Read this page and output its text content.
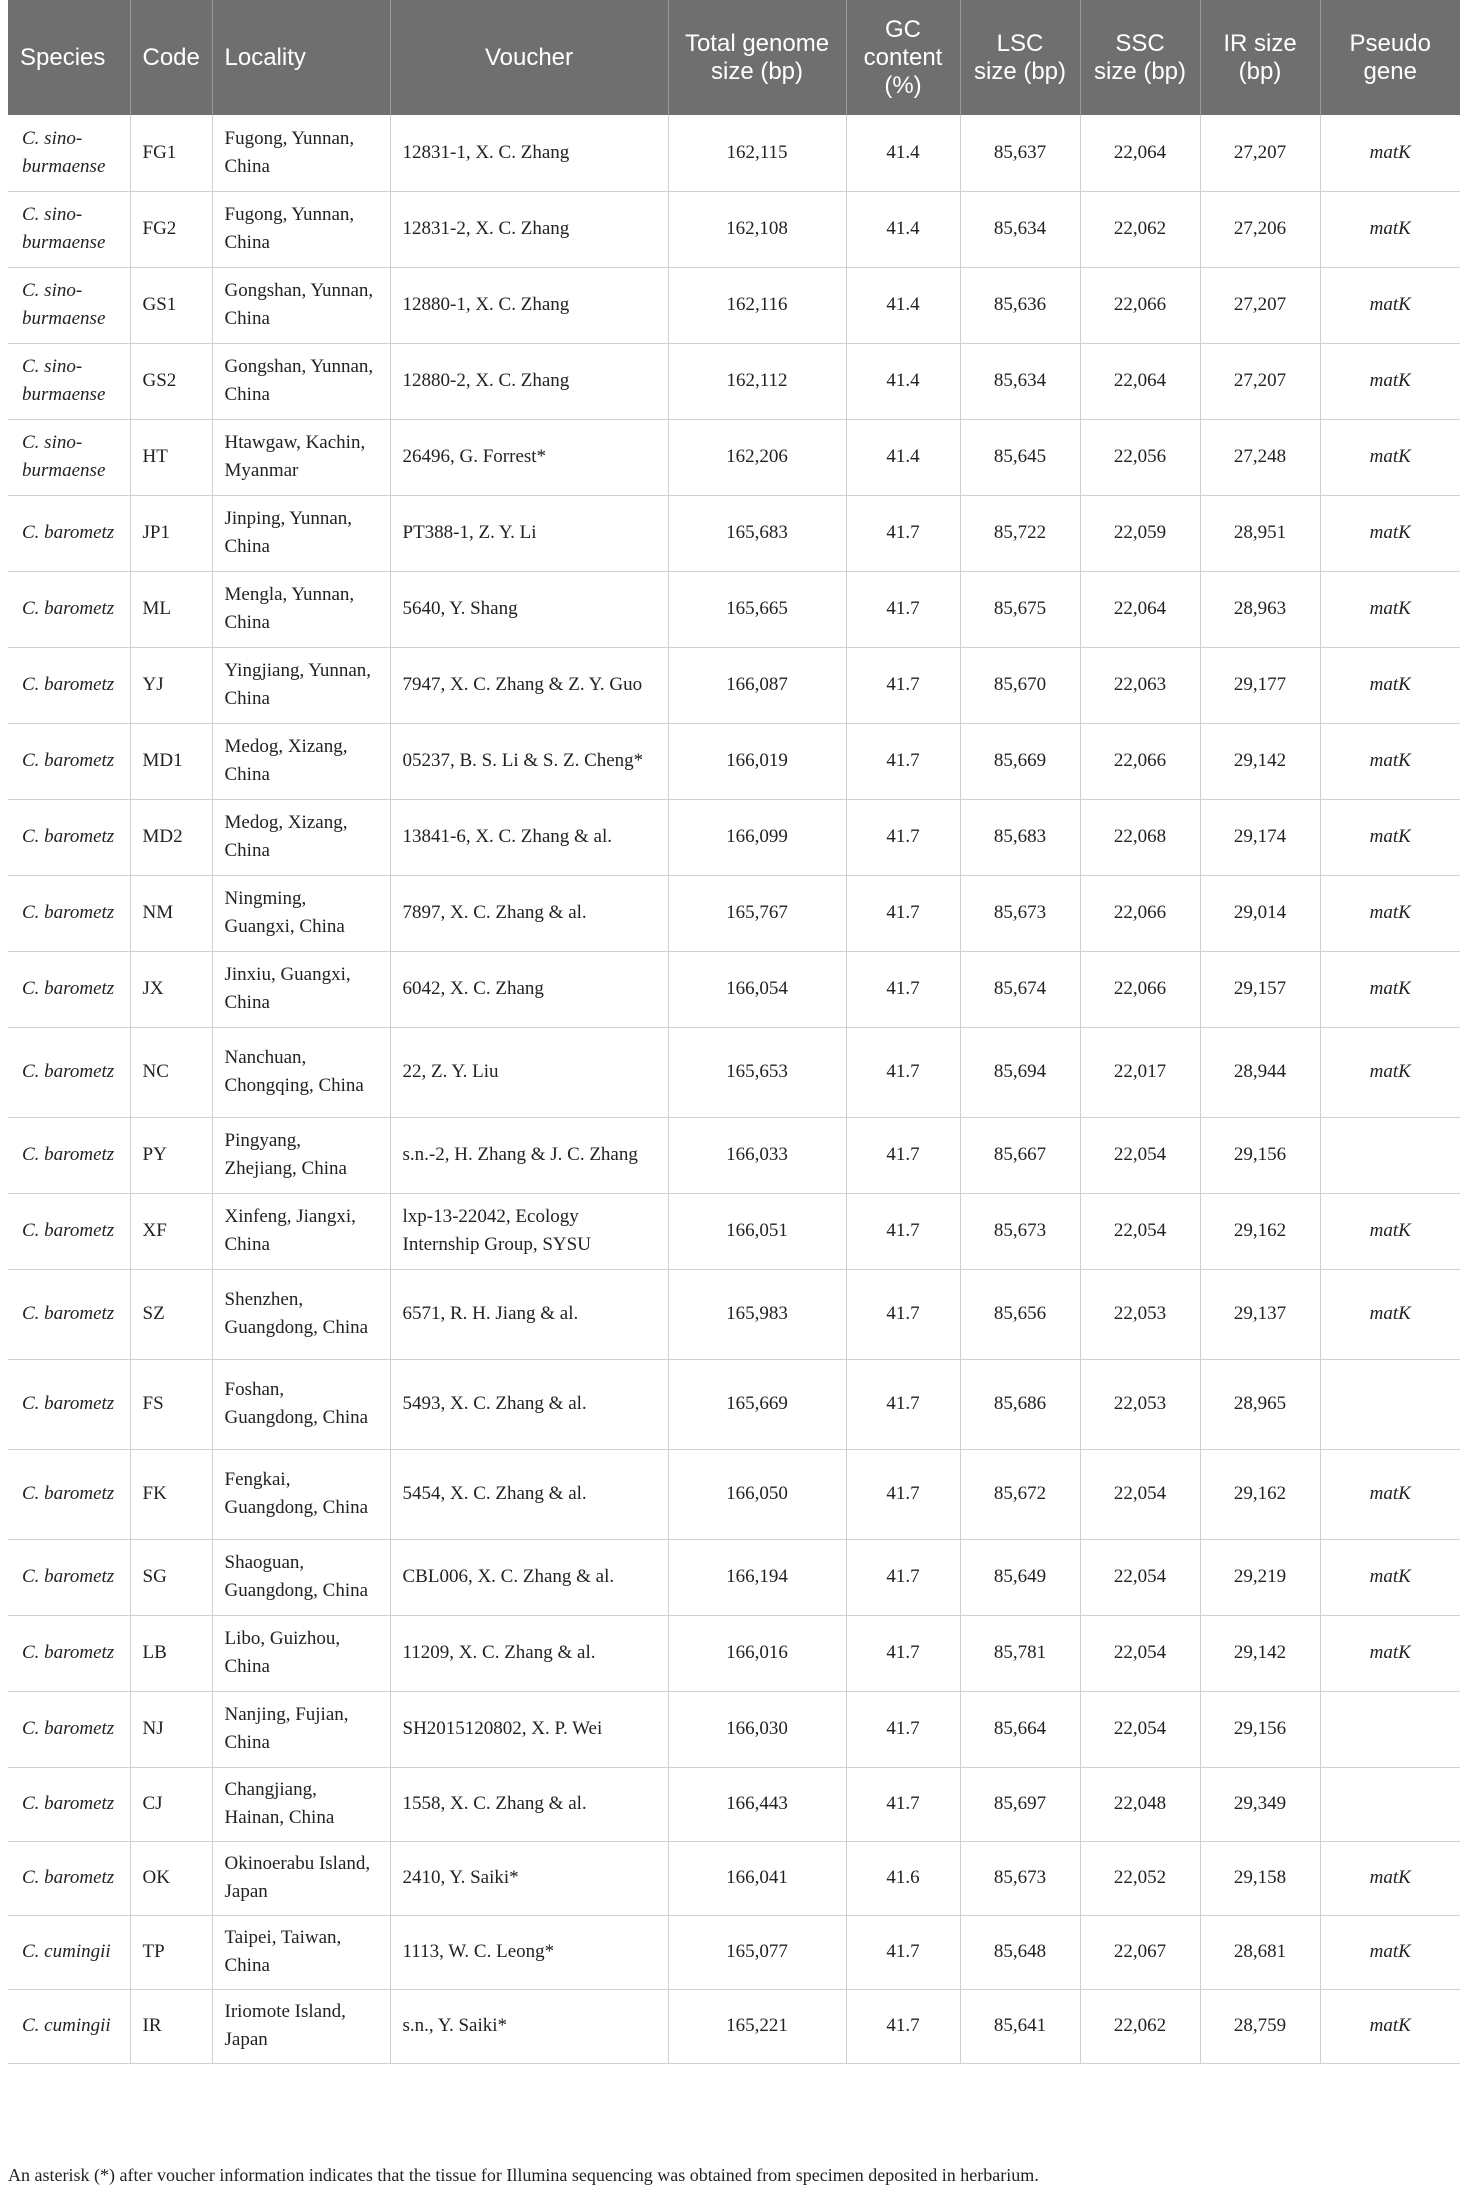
Species	Code	Locality	Voucher	Total genome size (bp)	GC content (%)	LSC size (bp)	SSC size (bp)	IR size (bp)	Pseudo gene
C. sino-burmaense	FG1	Fugong, Yunnan, China	12831-1, X. C. Zhang	162,115	41.4	85,637	22,064	27,207	matK
C. sino-burmaense	FG2	Fugong, Yunnan, China	12831-2, X. C. Zhang	162,108	41.4	85,634	22,062	27,206	matK
C. sino-burmaense	GS1	Gongshan, Yunnan, China	12880-1, X. C. Zhang	162,116	41.4	85,636	22,066	27,207	matK
C. sino-burmaense	GS2	Gongshan, Yunnan, China	12880-2, X. C. Zhang	162,112	41.4	85,634	22,064	27,207	matK
C. sino-burmaense	HT	Htawgaw, Kachin, Myanmar	26496, G. Forrest*	162,206	41.4	85,645	22,056	27,248	matK
C. barometz	JP1	Jinping, Yunnan, China	PT388-1, Z. Y. Li	165,683	41.7	85,722	22,059	28,951	matK
C. barometz	ML	Mengla, Yunnan, China	5640, Y. Shang	165,665	41.7	85,675	22,064	28,963	matK
C. barometz	YJ	Yingjiang, Yunnan, China	7947, X. C. Zhang & Z. Y. Guo	166,087	41.7	85,670	22,063	29,177	matK
C. barometz	MD1	Medog, Xizang, China	05237, B. S. Li & S. Z. Cheng*	166,019	41.7	85,669	22,066	29,142	matK
C. barometz	MD2	Medog, Xizang, China	13841-6, X. C. Zhang & al.	166,099	41.7	85,683	22,068	29,174	matK
C. barometz	NM	Ningming, Guangxi, China	7897, X. C. Zhang & al.	165,767	41.7	85,673	22,066	29,014	matK
C. barometz	JX	Jinxiu, Guangxi, China	6042, X. C. Zhang	166,054	41.7	85,674	22,066	29,157	matK
C. barometz	NC	Nanchuan, Chongqing, China	22, Z. Y. Liu	165,653	41.7	85,694	22,017	28,944	matK
C. barometz	PY	Pingyang, Zhejiang, China	s.n.-2, H. Zhang & J. C. Zhang	166,033	41.7	85,667	22,054	29,156	
C. barometz	XF	Xinfeng, Jiangxi, China	lxp-13-22042, Ecology Internship Group, SYSU	166,051	41.7	85,673	22,054	29,162	matK
C. barometz	SZ	Shenzhen, Guangdong, China	6571, R. H. Jiang & al.	165,983	41.7	85,656	22,053	29,137	matK
C. barometz	FS	Foshan, Guangdong, China	5493, X. C. Zhang & al.	165,669	41.7	85,686	22,053	28,965	
C. barometz	FK	Fengkai, Guangdong, China	5454, X. C. Zhang & al.	166,050	41.7	85,672	22,054	29,162	matK
C. barometz	SG	Shaoguan, Guangdong, China	CBL006, X. C. Zhang & al.	166,194	41.7	85,649	22,054	29,219	matK
C. barometz	LB	Libo, Guizhou, China	11209, X. C. Zhang & al.	166,016	41.7	85,781	22,054	29,142	matK
C. barometz	NJ	Nanjing, Fujian, China	SH2015120802, X. P. Wei	166,030	41.7	85,664	22,054	29,156	
C. barometz	CJ	Changjiang, Hainan, China	1558, X. C. Zhang & al.	166,443	41.7	85,697	22,048	29,349	
C. barometz	OK	Okinoerabu Island, Japan	2410, Y. Saiki*	166,041	41.6	85,673	22,052	29,158	matK
C. cumingii	TP	Taipei, Taiwan, China	1113, W. C. Leong*	165,077	41.7	85,648	22,067	28,681	matK
C. cumingii	IR	Iriomote Island, Japan	s.n., Y. Saiki*	165,221	41.7	85,641	22,062	28,759	matK
An asterisk (*) after voucher information indicates that the tissue for Illumina sequencing was obtained from specimen deposited in herbarium.
